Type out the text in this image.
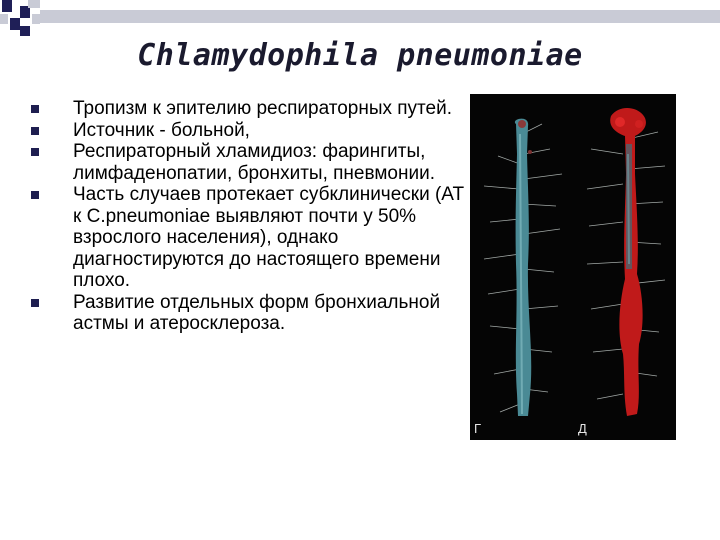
Chlamydophila pneumoniae
Тропизм к эпителию респираторных путей.
Источник - больной,
Респираторный хламидиоз: фарингиты, лимфаденопатии, бронхиты, пневмонии.
Часть случаев протекает субклинически (АТ к C.pneumoniae выявляют почти у 50% взрослого населения), однако диагностируются до настоящего времени плохо.
Развитие отдельных форм бронхиальной астмы и атеросклероза.
Г	Д
